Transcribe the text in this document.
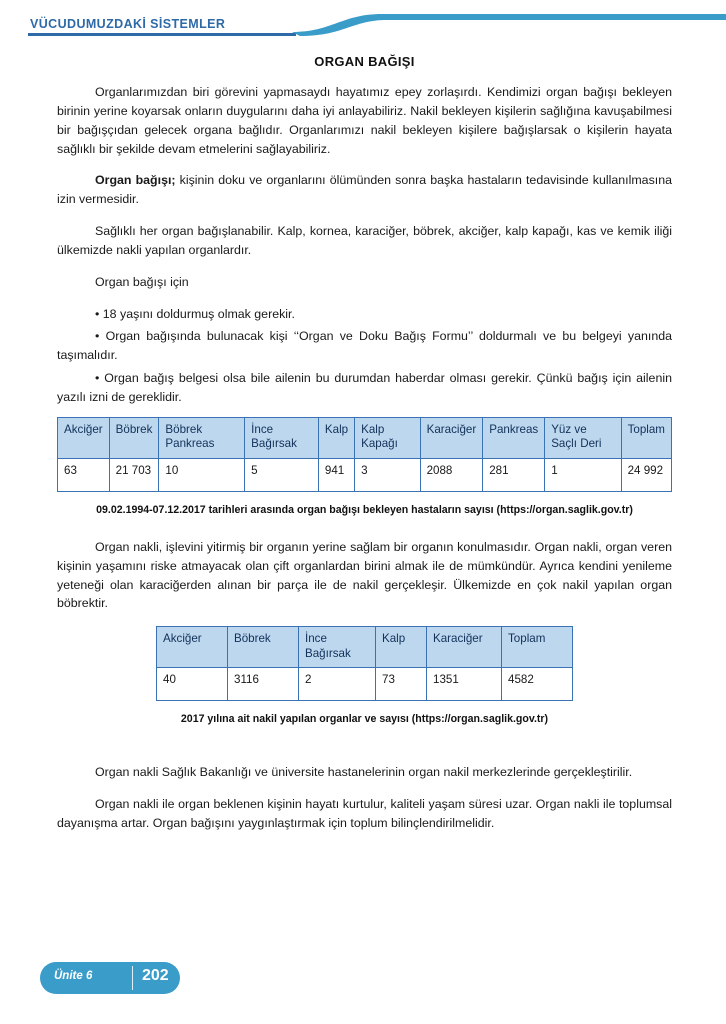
VÜCUDUMUZDAKİ SİSTEMLER
ORGAN BAĞIŞI

Organlarımızdan biri görevini yapmasaydı hayatımız epey zorlaşırdı. Kendimizi organ bağışı bekleyen birinin yerine koyarsak onların duygularını daha iyi anlayabiliriz. Nakil bekleyen kişilerin sağlığına kavuşabilmesi bir bağışçıdan gelecek organa bağlıdır. Organlarımızı nakil bekleyen kişilere bağışlarsak o kişilerin hayata sağlıklı bir şekilde devam etmelerini sağlayabiliriz.

Organ bağışı; kişinin doku ve organlarını ölümünden sonra başka hastaların tedavisinde kullanılmasına izin vermesidir.

Sağlıklı her organ bağışlanabilir. Kalp, kornea, karaciğer, böbrek, akciğer, kalp kapağı, kas ve kemik iliği ülkemizde nakli yapılan organlardır.

Organ bağışı için

• 18 yaşını doldurmuş olmak gerekir.

• Organ bağışında bulunacak kişi ‘‘Organ ve Doku Bağış Formu’’ doldurmalı ve bu belgeyi yanında taşımalıdır.

• Organ bağış belgesi olsa bile ailenin bu durumdan haberdar olması gerekir. Çünkü bağış için ailenin yazılı izni de gereklidir.

Akciğer	Böbrek	Böbrek Pankreas	İnce Bağırsak	Kalp	Kalp Kapağı	Karaciğer	Pankreas	Yüz ve Saçlı Deri	Toplam
63	21 703	10	5	941	3	2088	281	1	24 992
09.02.1994-07.12.2017 tarihleri arasında organ bağışı bekleyen hastaların sayısı (https://organ.saglik.gov.tr)

Organ nakli, işlevini yitirmiş bir organın yerine sağlam bir organın konulmasıdır. Organ nakli, organ veren kişinin yaşamını riske atmayacak olan çift organlardan birini almak ile de mümkündür. Ayrıca kendini yenileme yeteneği olan karaciğerden alınan bir parça ile de nakil gerçekleşir. Ülkemizde en çok nakil yapılan organ böbrektir.

Akciğer	Böbrek	İnce Bağırsak	Kalp	Karaciğer	Toplam
40	3116	2	73	1351	4582
2017 yılına ait nakil yapılan organlar ve sayısı (https://organ.saglik.gov.tr)

Organ nakli Sağlık Bakanlığı ve üniversite hastanelerinin organ nakil merkezlerinde gerçekleştirilir.

Organ nakli ile organ beklenen kişinin hayatı kurtulur, kaliteli yaşam süresi uzar. Organ nakli ile toplumsal dayanışma artar. Organ bağışını yaygınlaştırmak için toplum bilinçlendirilmelidir.

Ünite 6	202
